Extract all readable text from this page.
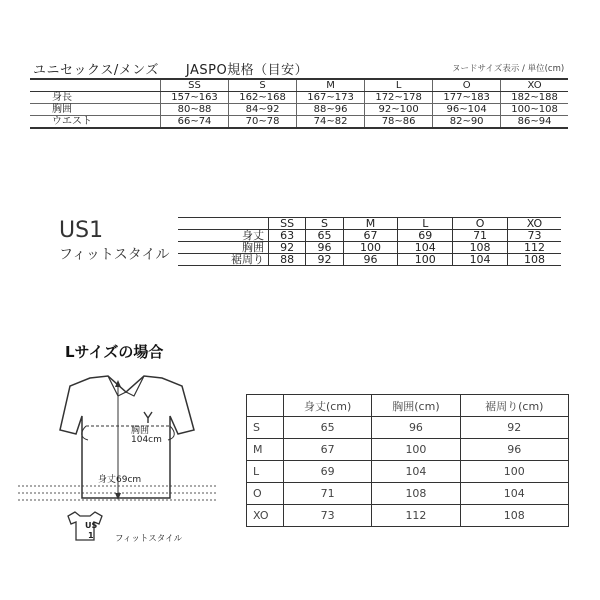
ユニセックス/メンズ　　JASPO規格（目安）	ヌードサイズ表示 / 単位(cm)
	SS	S	M	L	O	XO
身長	157~163	162~168	167~173	172~178	177~183	182~188
胸囲	80~88	84~92	88~96	92~100	96~104	100~108
ウエスト	66~74	70~78	74~82	78~86	82~90	86~94
US1
フィットスタイル
	SS	S	M	L	O	XO
身丈	63	65	67	69	71	73
胸囲	92	96	100	104	108	112
裾周り	88	92	96	100	104	108
Lサイズの場合
胸囲
104cm
身丈69cm
US
1	フィットスタイル
	身丈(cm)	胸囲(cm)	裾周り(cm)
S	65	96	92
M	67	100	96
L	69	104	100
O	71	108	104
XO	73	112	108
